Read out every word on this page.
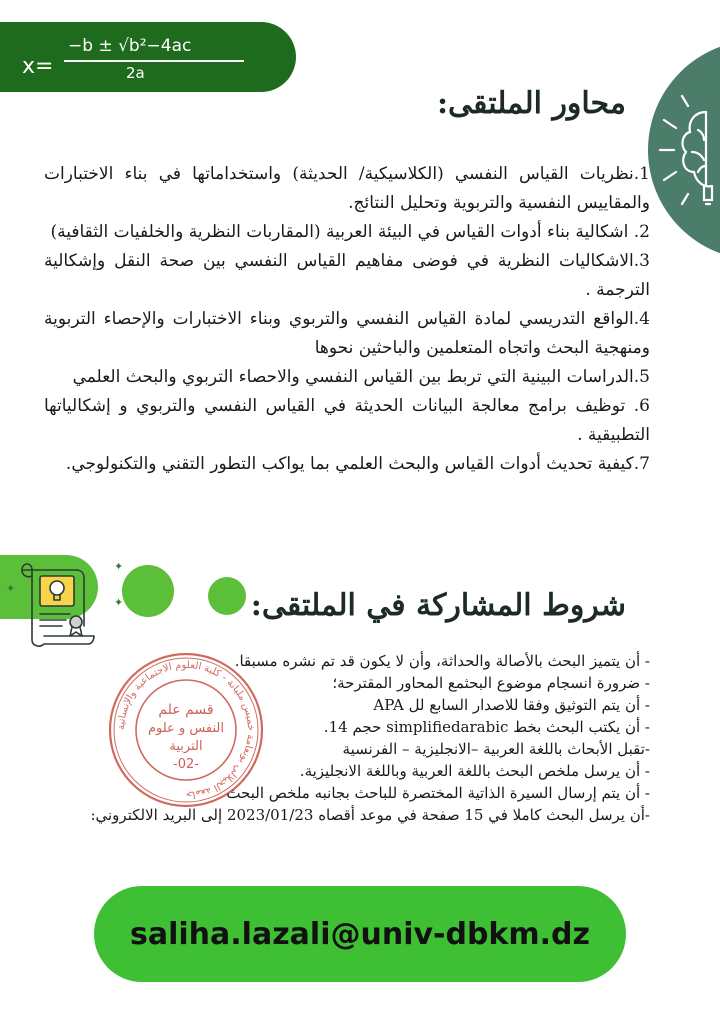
x=
−b ± √b²−4ac
2a
محاور الملتقى:

1.نظريات القياس النفسي (الكلاسيكية/ الحديثة) واستخداماتها في بناء الاختبارات والمقاييس النفسية والتربوية وتحليل النتائج.

2. اشكالية بناء أدوات القياس في البيئة العربية (المقاربات النظرية والخلفيات الثقافية)

3.الاشكاليات النظرية في فوضى مفاهيم القياس النفسي بين صحة النقل وإشكالية الترجمة .

4.الواقع التدريسي لمادة القياس النفسي والتربوي وبناء الاختبارات والإحصاء التربوية ومنهجية البحث واتجاه المتعلمين والباحثين نحوها

5.الدراسات البينية التي تربط بين القياس النفسي والاحصاء التربوي والبحث العلمي

6. توظيف برامج معالجة البيانات الحديثة في القياس النفسي والتربوي و إشكالياتها التطبيقية .

7.كيفية تحديث أدوات القياس والبحث العلمي بما يواكب التطور التقني والتكنولوجي.

✦
✦
✦	شروط المشاركة في الملتقى:
جامعة الجيلالي بونعامة خميس مليانة - كلية العلوم الاجتماعية والإنسانية
قسم علم
النفس و علوم
التربية
-02-

- أن يتميز البحث بالأصالة والحداثة، وأن لا يكون قد تم نشره مسبقا.

- ضرورة انسجام موضوع البحثمع المحاور المقترحة؛

- أن يتم التوثيق وفقا للاصدار السابع لل APA

- أن يكتب البحث بخط simplifiedarabic حجم 14.

-تقبل الأبحاث باللغة العربية –الانجليزية – الفرنسية

- أن يرسل ملخص البحث باللغة العربية وباللغة الانجليزية.

- أن يتم إرسال السيرة الذاتية المختصرة للباحث بجانبه ملخص البحث

-أن يرسل البحث كاملا في 15 صفحة في موعد أقصاه 2023/01/23 إلى البريد الالكتروني:

saliha.lazali@univ-dbkm.dz
